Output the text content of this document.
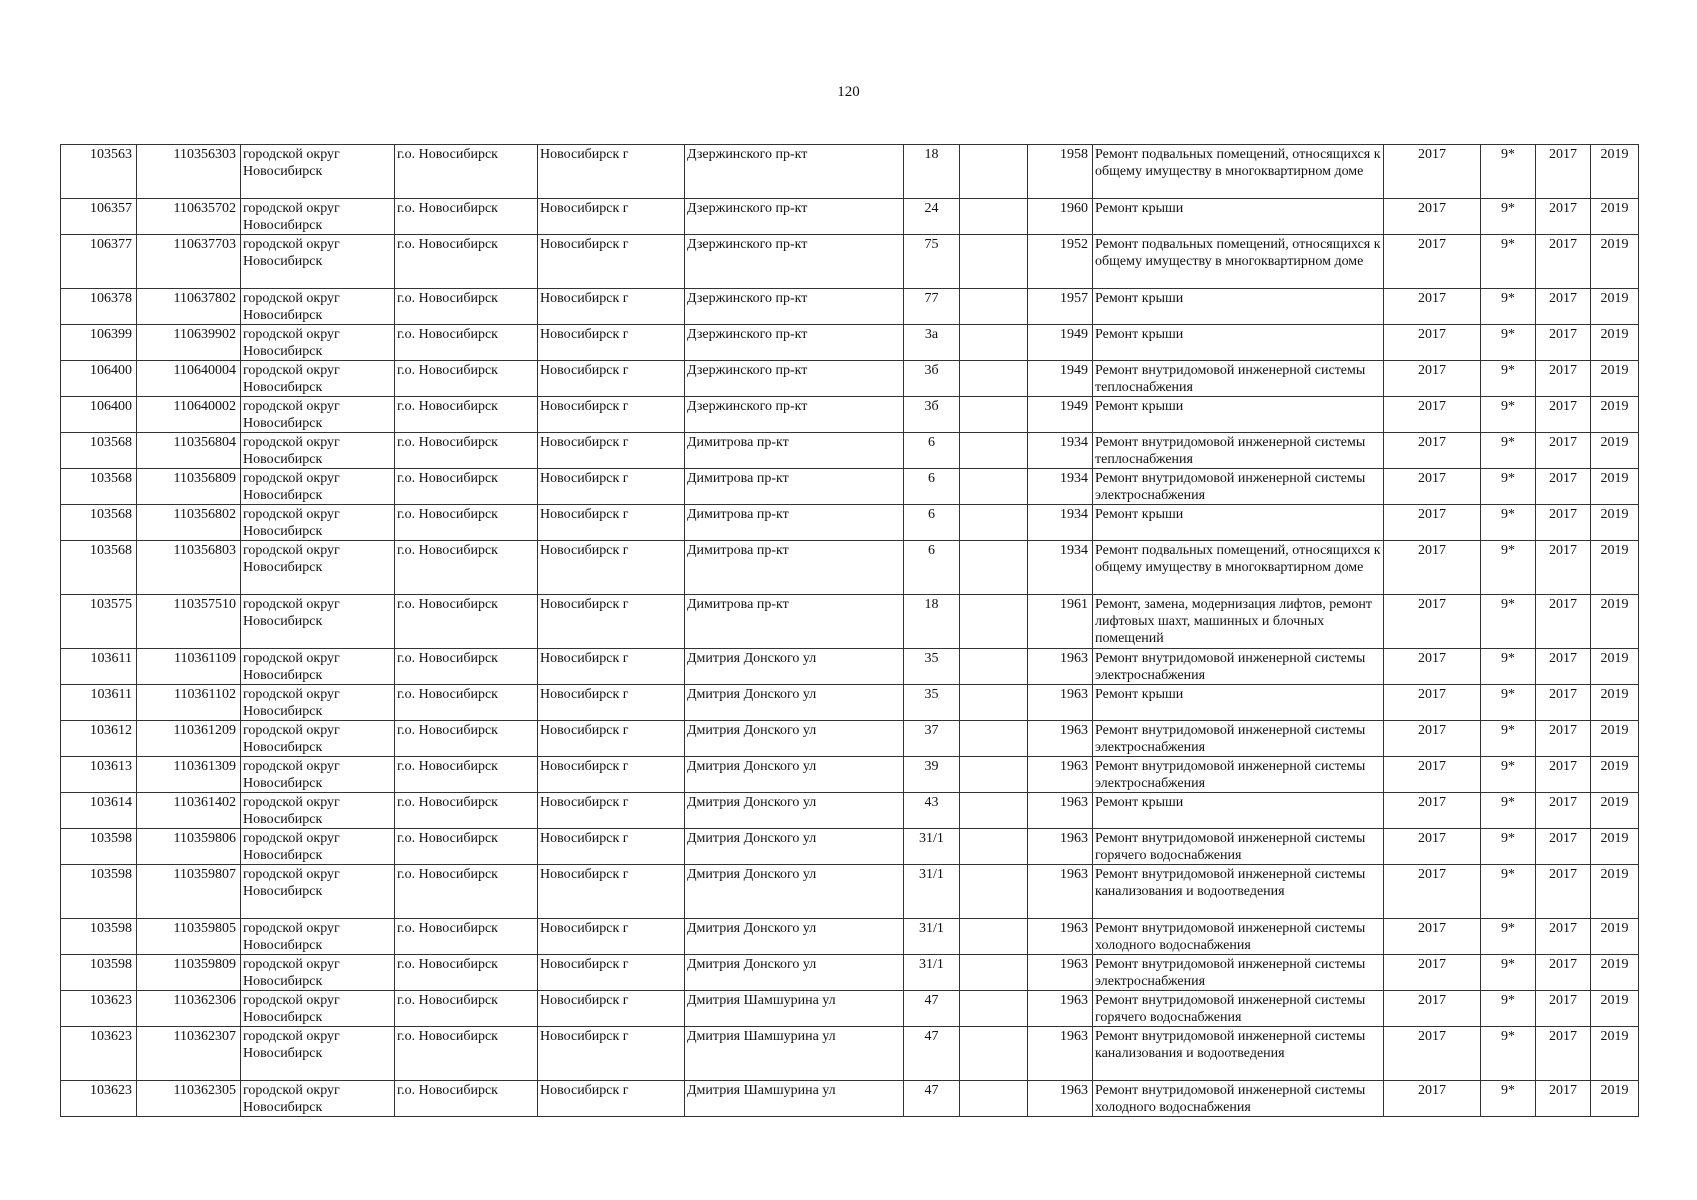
120
103563	110356303	городской округ Новосибирск	г.о. Новосибирск	Новосибирск г	Дзержинского пр-кт	18		1958	Ремонт подвальных помещений, относящихся к общему имуществу в многоквартирном доме	2017	9*	2017	2019
106357	110635702	городской округ Новосибирск	г.о. Новосибирск	Новосибирск г	Дзержинского пр-кт	24		1960	Ремонт крыши	2017	9*	2017	2019
106377	110637703	городской округ Новосибирск	г.о. Новосибирск	Новосибирск г	Дзержинского пр-кт	75		1952	Ремонт подвальных помещений, относящихся к общему имуществу в многоквартирном доме	2017	9*	2017	2019
106378	110637802	городской округ Новосибирск	г.о. Новосибирск	Новосибирск г	Дзержинского пр-кт	77		1957	Ремонт крыши	2017	9*	2017	2019
106399	110639902	городской округ Новосибирск	г.о. Новосибирск	Новосибирск г	Дзержинского пр-кт	3а		1949	Ремонт крыши	2017	9*	2017	2019
106400	110640004	городской округ Новосибирск	г.о. Новосибирск	Новосибирск г	Дзержинского пр-кт	3б		1949	Ремонт внутридомовой инженерной системы теплоснабжения	2017	9*	2017	2019
106400	110640002	городской округ Новосибирск	г.о. Новосибирск	Новосибирск г	Дзержинского пр-кт	3б		1949	Ремонт крыши	2017	9*	2017	2019
103568	110356804	городской округ Новосибирск	г.о. Новосибирск	Новосибирск г	Димитрова пр-кт	6		1934	Ремонт внутридомовой инженерной системы теплоснабжения	2017	9*	2017	2019
103568	110356809	городской округ Новосибирск	г.о. Новосибирск	Новосибирск г	Димитрова пр-кт	6		1934	Ремонт внутридомовой инженерной системы электроснабжения	2017	9*	2017	2019
103568	110356802	городской округ Новосибирск	г.о. Новосибирск	Новосибирск г	Димитрова пр-кт	6		1934	Ремонт крыши	2017	9*	2017	2019
103568	110356803	городской округ Новосибирск	г.о. Новосибирск	Новосибирск г	Димитрова пр-кт	6		1934	Ремонт подвальных помещений, относящихся к общему имуществу в многоквартирном доме	2017	9*	2017	2019
103575	110357510	городской округ Новосибирск	г.о. Новосибирск	Новосибирск г	Димитрова пр-кт	18		1961	Ремонт, замена, модернизация лифтов, ремонт лифтовых шахт, машинных и блочных помещений	2017	9*	2017	2019
103611	110361109	городской округ Новосибирск	г.о. Новосибирск	Новосибирск г	Дмитрия Донского ул	35		1963	Ремонт внутридомовой инженерной системы электроснабжения	2017	9*	2017	2019
103611	110361102	городской округ Новосибирск	г.о. Новосибирск	Новосибирск г	Дмитрия Донского ул	35		1963	Ремонт крыши	2017	9*	2017	2019
103612	110361209	городской округ Новосибирск	г.о. Новосибирск	Новосибирск г	Дмитрия Донского ул	37		1963	Ремонт внутридомовой инженерной системы электроснабжения	2017	9*	2017	2019
103613	110361309	городской округ Новосибирск	г.о. Новосибирск	Новосибирск г	Дмитрия Донского ул	39		1963	Ремонт внутридомовой инженерной системы электроснабжения	2017	9*	2017	2019
103614	110361402	городской округ Новосибирск	г.о. Новосибирск	Новосибирск г	Дмитрия Донского ул	43		1963	Ремонт крыши	2017	9*	2017	2019
103598	110359806	городской округ Новосибирск	г.о. Новосибирск	Новосибирск г	Дмитрия Донского ул	31/1		1963	Ремонт внутридомовой инженерной системы горячего водоснабжения	2017	9*	2017	2019
103598	110359807	городской округ Новосибирск	г.о. Новосибирск	Новосибирск г	Дмитрия Донского ул	31/1		1963	Ремонт внутридомовой инженерной системы канализования и водоотведения	2017	9*	2017	2019
103598	110359805	городской округ Новосибирск	г.о. Новосибирск	Новосибирск г	Дмитрия Донского ул	31/1		1963	Ремонт внутридомовой инженерной системы холодного водоснабжения	2017	9*	2017	2019
103598	110359809	городской округ Новосибирск	г.о. Новосибирск	Новосибирск г	Дмитрия Донского ул	31/1		1963	Ремонт внутридомовой инженерной системы электроснабжения	2017	9*	2017	2019
103623	110362306	городской округ Новосибирск	г.о. Новосибирск	Новосибирск г	Дмитрия Шамшурина ул	47		1963	Ремонт внутридомовой инженерной системы горячего водоснабжения	2017	9*	2017	2019
103623	110362307	городской округ Новосибирск	г.о. Новосибирск	Новосибирск г	Дмитрия Шамшурина ул	47		1963	Ремонт внутридомовой инженерной системы канализования и водоотведения	2017	9*	2017	2019
103623	110362305	городской округ Новосибирск	г.о. Новосибирск	Новосибирск г	Дмитрия Шамшурина ул	47		1963	Ремонт внутридомовой инженерной системы холодного водоснабжения	2017	9*	2017	2019
